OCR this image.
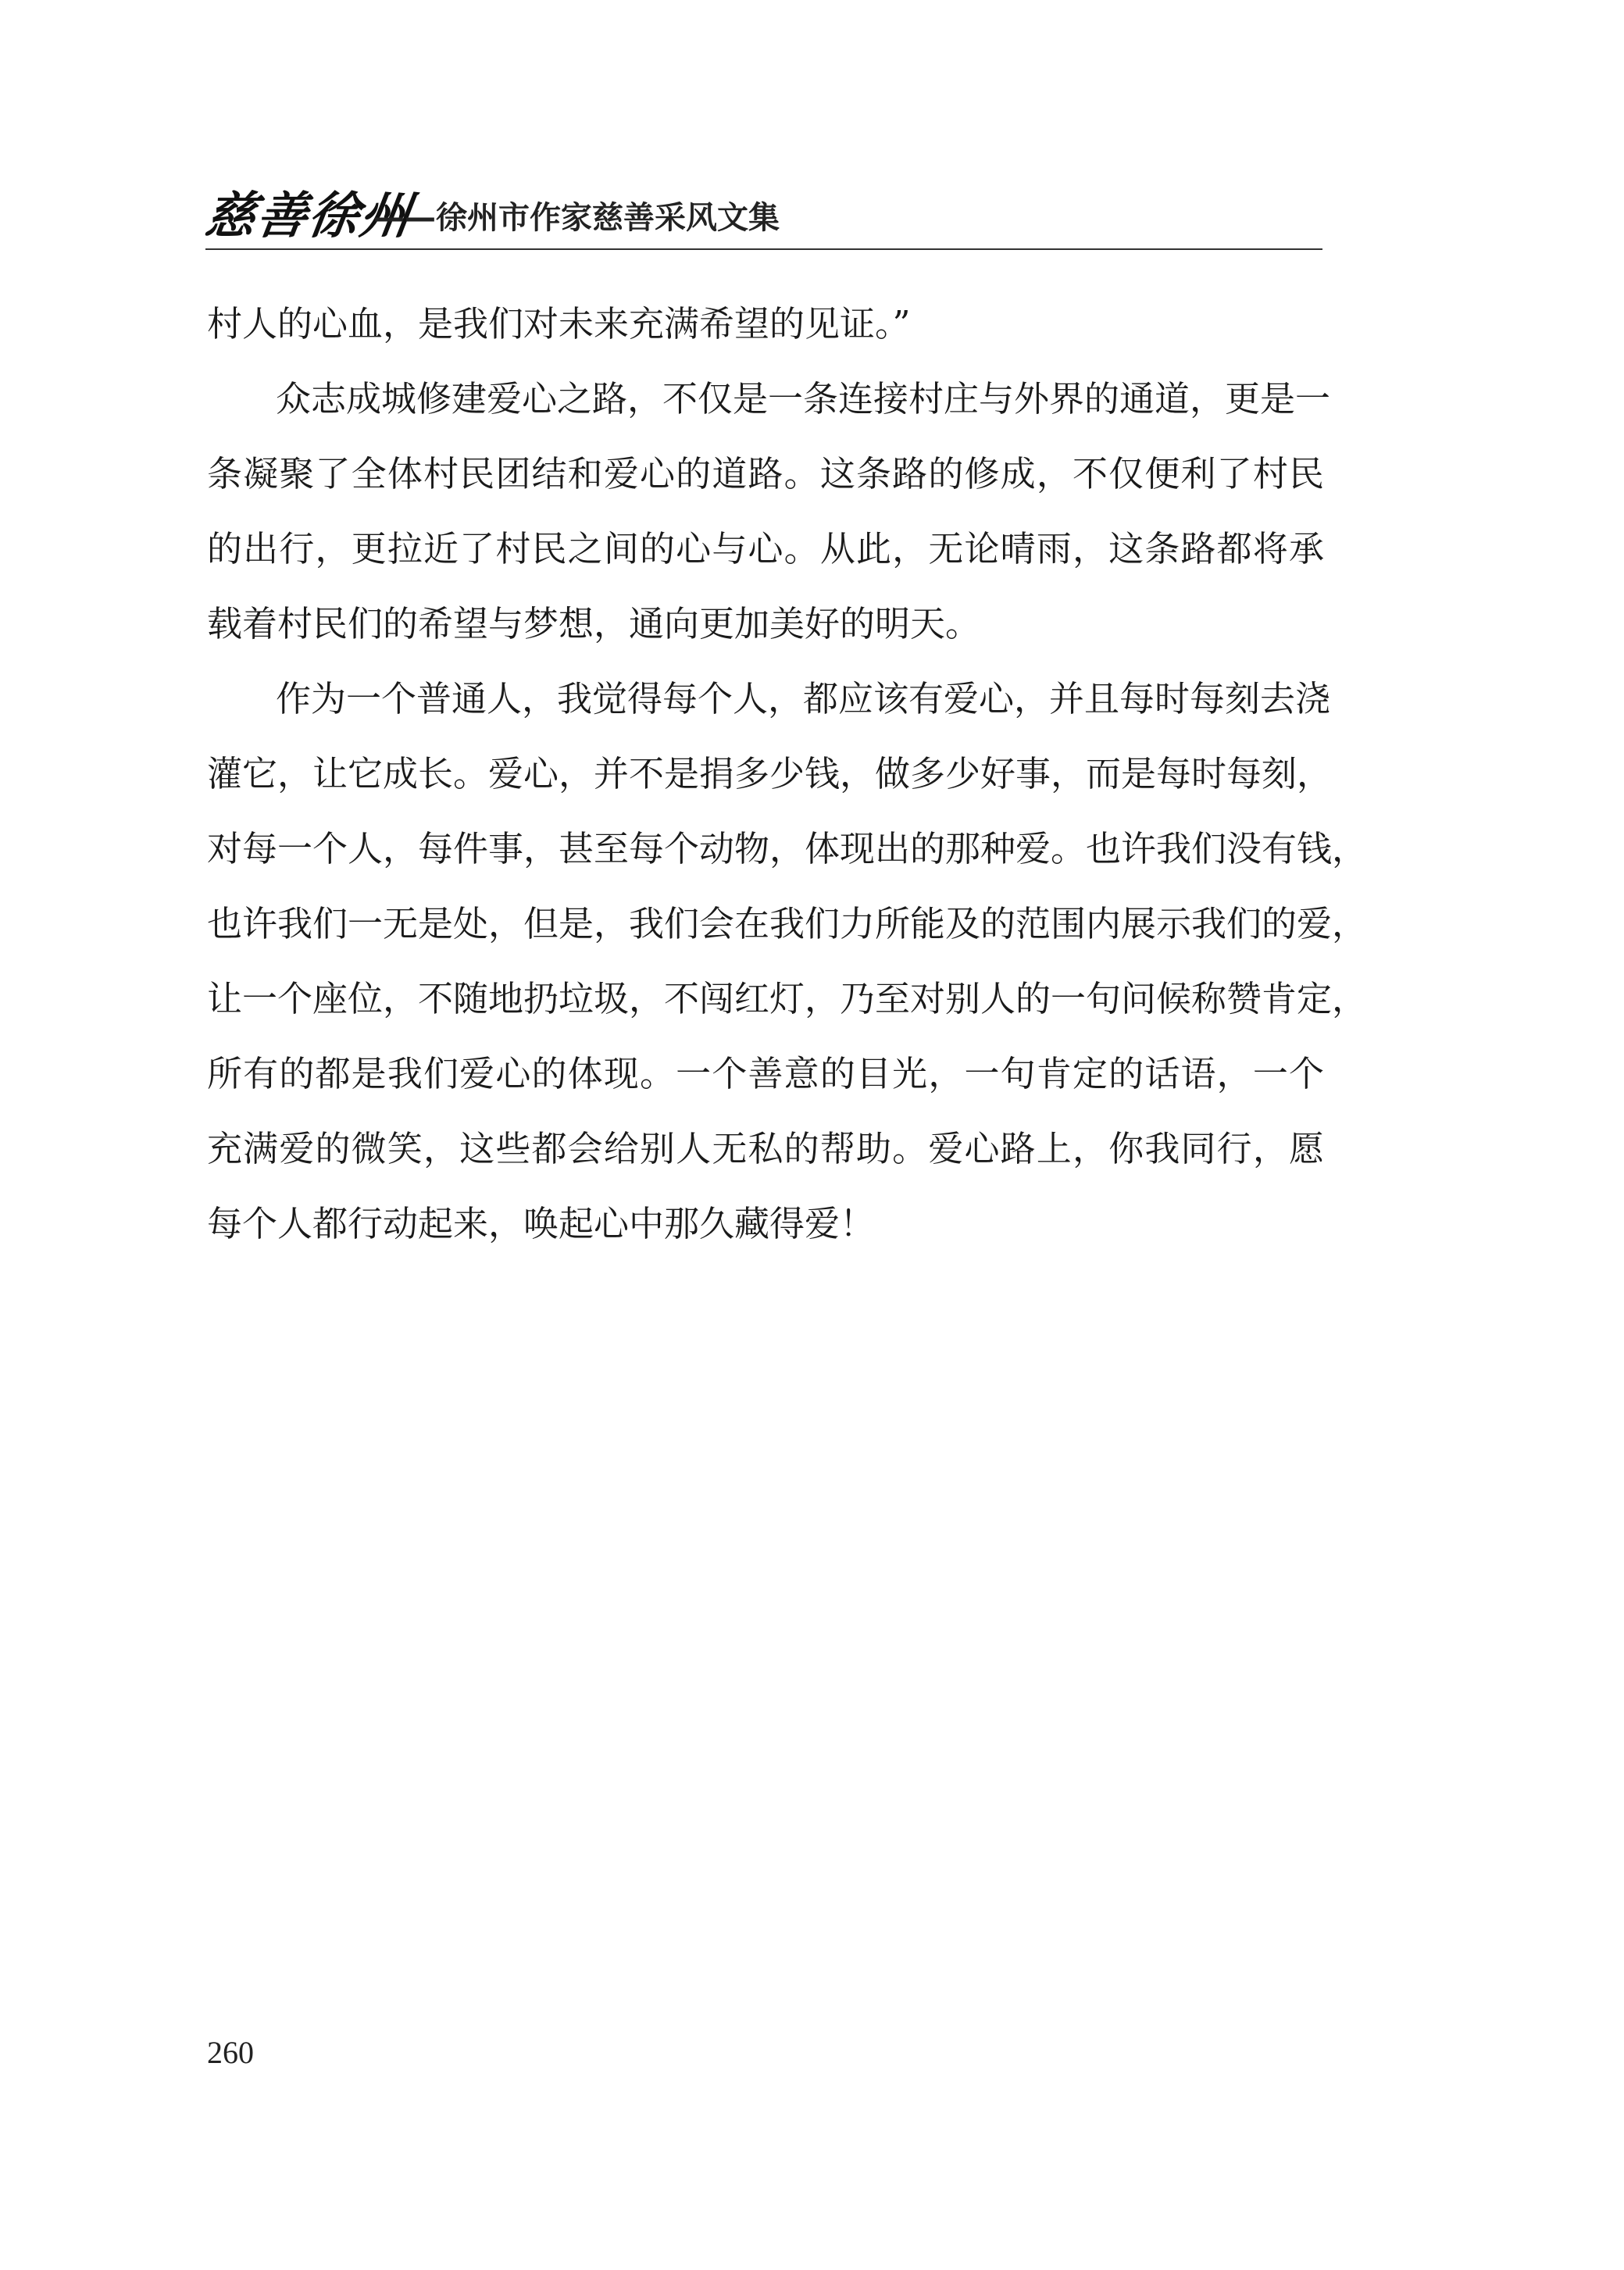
慈善徐州
——徐州市作家慈善采风文集
村人的心血，是我们对未来充满希望的见证。”
众志成城修建爱心之路，不仅是一条连接村庄与外界的通道，更是一
条凝聚了全体村民团结和爱心的道路。这条路的修成，不仅便利了村民
的出行，更拉近了村民之间的心与心。从此，无论晴雨，这条路都将承
载着村民们的希望与梦想，通向更加美好的明天。
作为一个普通人，我觉得每个人，都应该有爱心，并且每时每刻去浇
灌它，让它成长。爱心，并不是捐多少钱，做多少好事，而是每时每刻，
对每一个人，每件事，甚至每个动物，体现出的那种爱。也许我们没有钱，
也许我们一无是处，但是，我们会在我们力所能及的范围内展示我们的爱，
让一个座位，不随地扔垃圾，不闯红灯，乃至对别人的一句问候称赞肯定，
所有的都是我们爱心的体现。一个善意的目光，一句肯定的话语，一个
充满爱的微笑，这些都会给别人无私的帮助。爱心路上，你我同行，愿
每个人都行动起来，唤起心中那久藏得爱！
260
